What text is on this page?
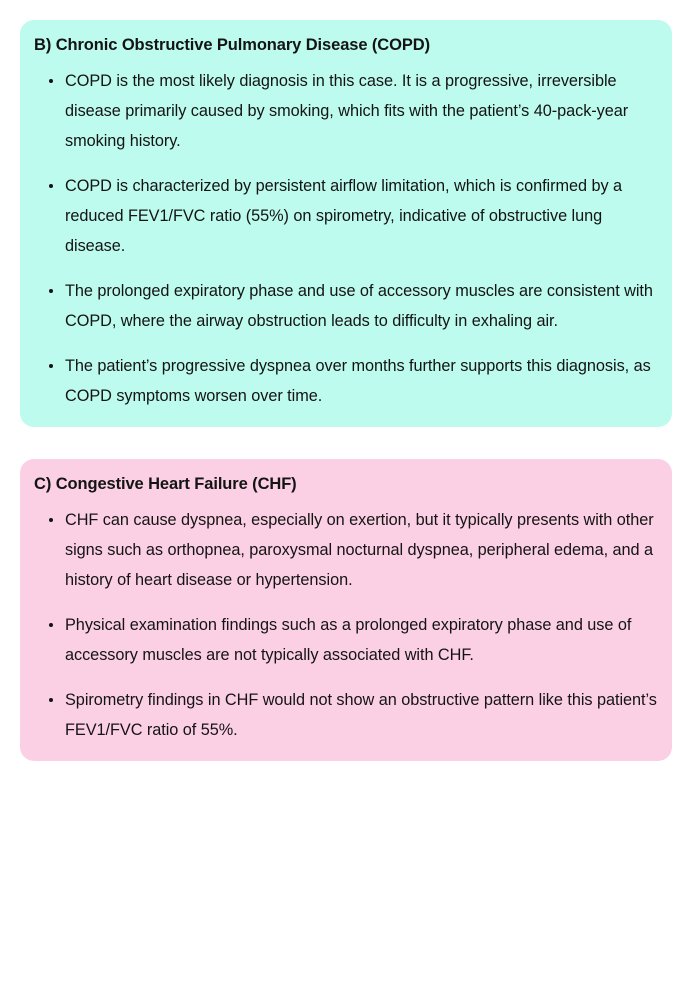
B) Chronic Obstructive Pulmonary Disease (COPD)
COPD is the most likely diagnosis in this case. It is a progressive, irreversible disease primarily caused by smoking, which fits with the patient’s 40-pack-year smoking history.
COPD is characterized by persistent airflow limitation, which is confirmed by a reduced FEV1/FVC ratio (55%) on spirometry, indicative of obstructive lung disease.
The prolonged expiratory phase and use of accessory muscles are consistent with COPD, where the airway obstruction leads to difficulty in exhaling air.
The patient’s progressive dyspnea over months further supports this diagnosis, as COPD symptoms worsen over time.
C) Congestive Heart Failure (CHF)
CHF can cause dyspnea, especially on exertion, but it typically presents with other signs such as orthopnea, paroxysmal nocturnal dyspnea, peripheral edema, and a history of heart disease or hypertension.
Physical examination findings such as a prolonged expiratory phase and use of accessory muscles are not typically associated with CHF.
Spirometry findings in CHF would not show an obstructive pattern like this patient’s FEV1/FVC ratio of 55%.
